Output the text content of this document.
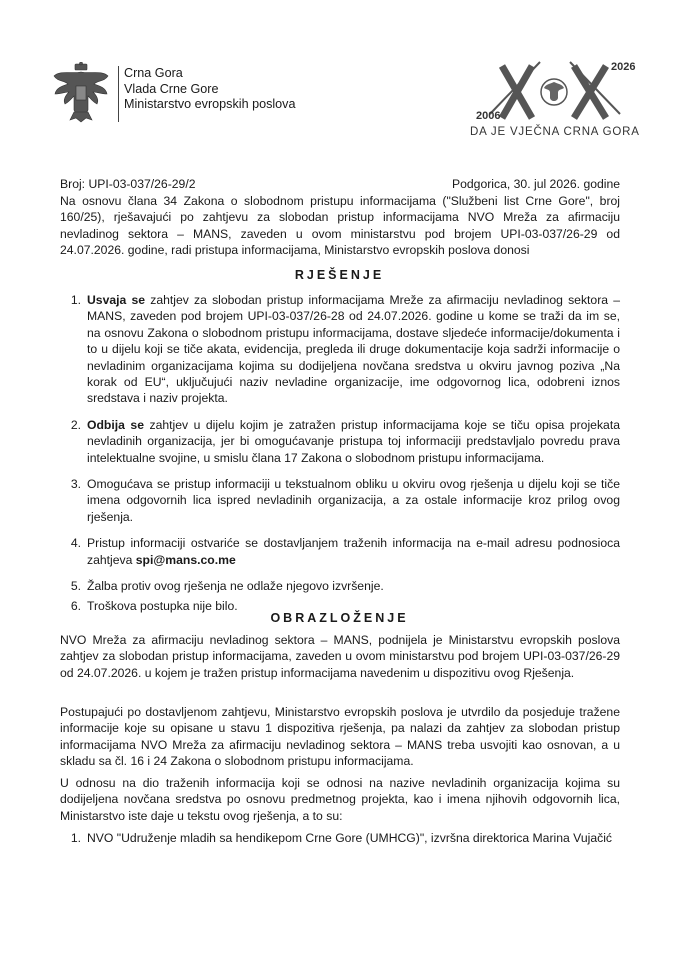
Crna Gora
Vlada Crne Gore
Ministarstvo evropskih poslova
2006
2026
DA JE VJEČNA CRNA GORA
Broj: UPI-03-037/26-29/2	Podgorica, 30. jul 2026. godine
Na osnovu člana 34 Zakona o slobodnom pristupu informacijama ("Službeni list Crne Gore", broj 160/25), rješavajući po zahtjevu za slobodan pristup informacijama NVO Mreža za afirmaciju nevladinog sektora – MANS, zaveden u ovom ministarstvu pod brojem UPI-03-037/26-29 od 24.07.2026. godine, radi pristupa informacijama, Ministarstvo evropskih poslova donosi
RJEŠENJE
1. Usvaja se zahtjev za slobodan pristup informacijama Mreže za afirmaciju nevladinog sektora – MANS, zaveden pod brojem UPI-03-037/26-28 od 24.07.2026. godine u kome se traži da im se, na osnovu Zakona o slobodnom pristupu informacijama, dostave sljedeće informacije/dokumenta i to u dijelu koji se tiče akata, evidencija, pregleda ili druge dokumentacije koja sadrži informacije o nevladinim organizacijama kojima su dodijeljena novčana sredstva u okviru javnog poziva „Na korak od EU“, uključujući naziv nevladine organizacije, ime odgovornog lica, odobreni iznos sredstava i naziv projekta.
2. Odbija se zahtjev u dijelu kojim je zatražen pristup informacijama koje se tiču opisa projekata nevladinih organizacija, jer bi omogućavanje pristupa toj informaciji predstavljalo povredu prava intelektualne svojine, u smislu člana 17 Zakona o slobodnom pristupu informacijama.
3. Omogućava se pristup informaciji u tekstualnom obliku u okviru ovog rješenja u dijelu koji se tiče imena odgovornih lica ispred nevladinih organizacija, a za ostale informacije kroz prilog ovog rješenja.
4. Pristup informaciji ostvariće se dostavljanjem traženih informacija na e-mail adresu podnosioca zahtjeva spi@mans.co.me
5. Žalba protiv ovog rješenja ne odlaže njegovo izvršenje.
6. Troškova postupka nije bilo.
OBRAZLOŽENJE
NVO Mreža za afirmaciju nevladinog sektora – MANS, podnijela je Ministarstvu evropskih poslova zahtjev za slobodan pristup informacijama, zaveden u ovom ministarstvu pod brojem UPI-03-037/26-29 od 24.07.2026. u kojem je tražen pristup informacijama navedenim u dispozitivu ovog Rješenja.
Postupajući po dostavljenom zahtjevu, Ministarstvo evropskih poslova je utvrdilo da posjeduje tražene informacije koje su opisane u stavu 1 dispozitiva rješenja, pa nalazi da zahtjev za slobodan pristup informacijama NVO Mreža za afirmaciju nevladinog sektora – MANS treba usvojiti kao osnovan, a u skladu sa čl. 16 i 24 Zakona o slobodnom pristupu informacijama.
U odnosu na dio traženih informacija koji se odnosi na nazive nevladinih organizacija kojima su dodijeljena novčana sredstva po osnovu predmetnog projekta, kao i imena njihovih odgovornih lica, Ministarstvo iste daje u tekstu ovog rješenja, a to su:
1. NVO "Udruženje mladih sa hendikepom Crne Gore (UMHCG)", izvršna direktorica Marina Vujačić
